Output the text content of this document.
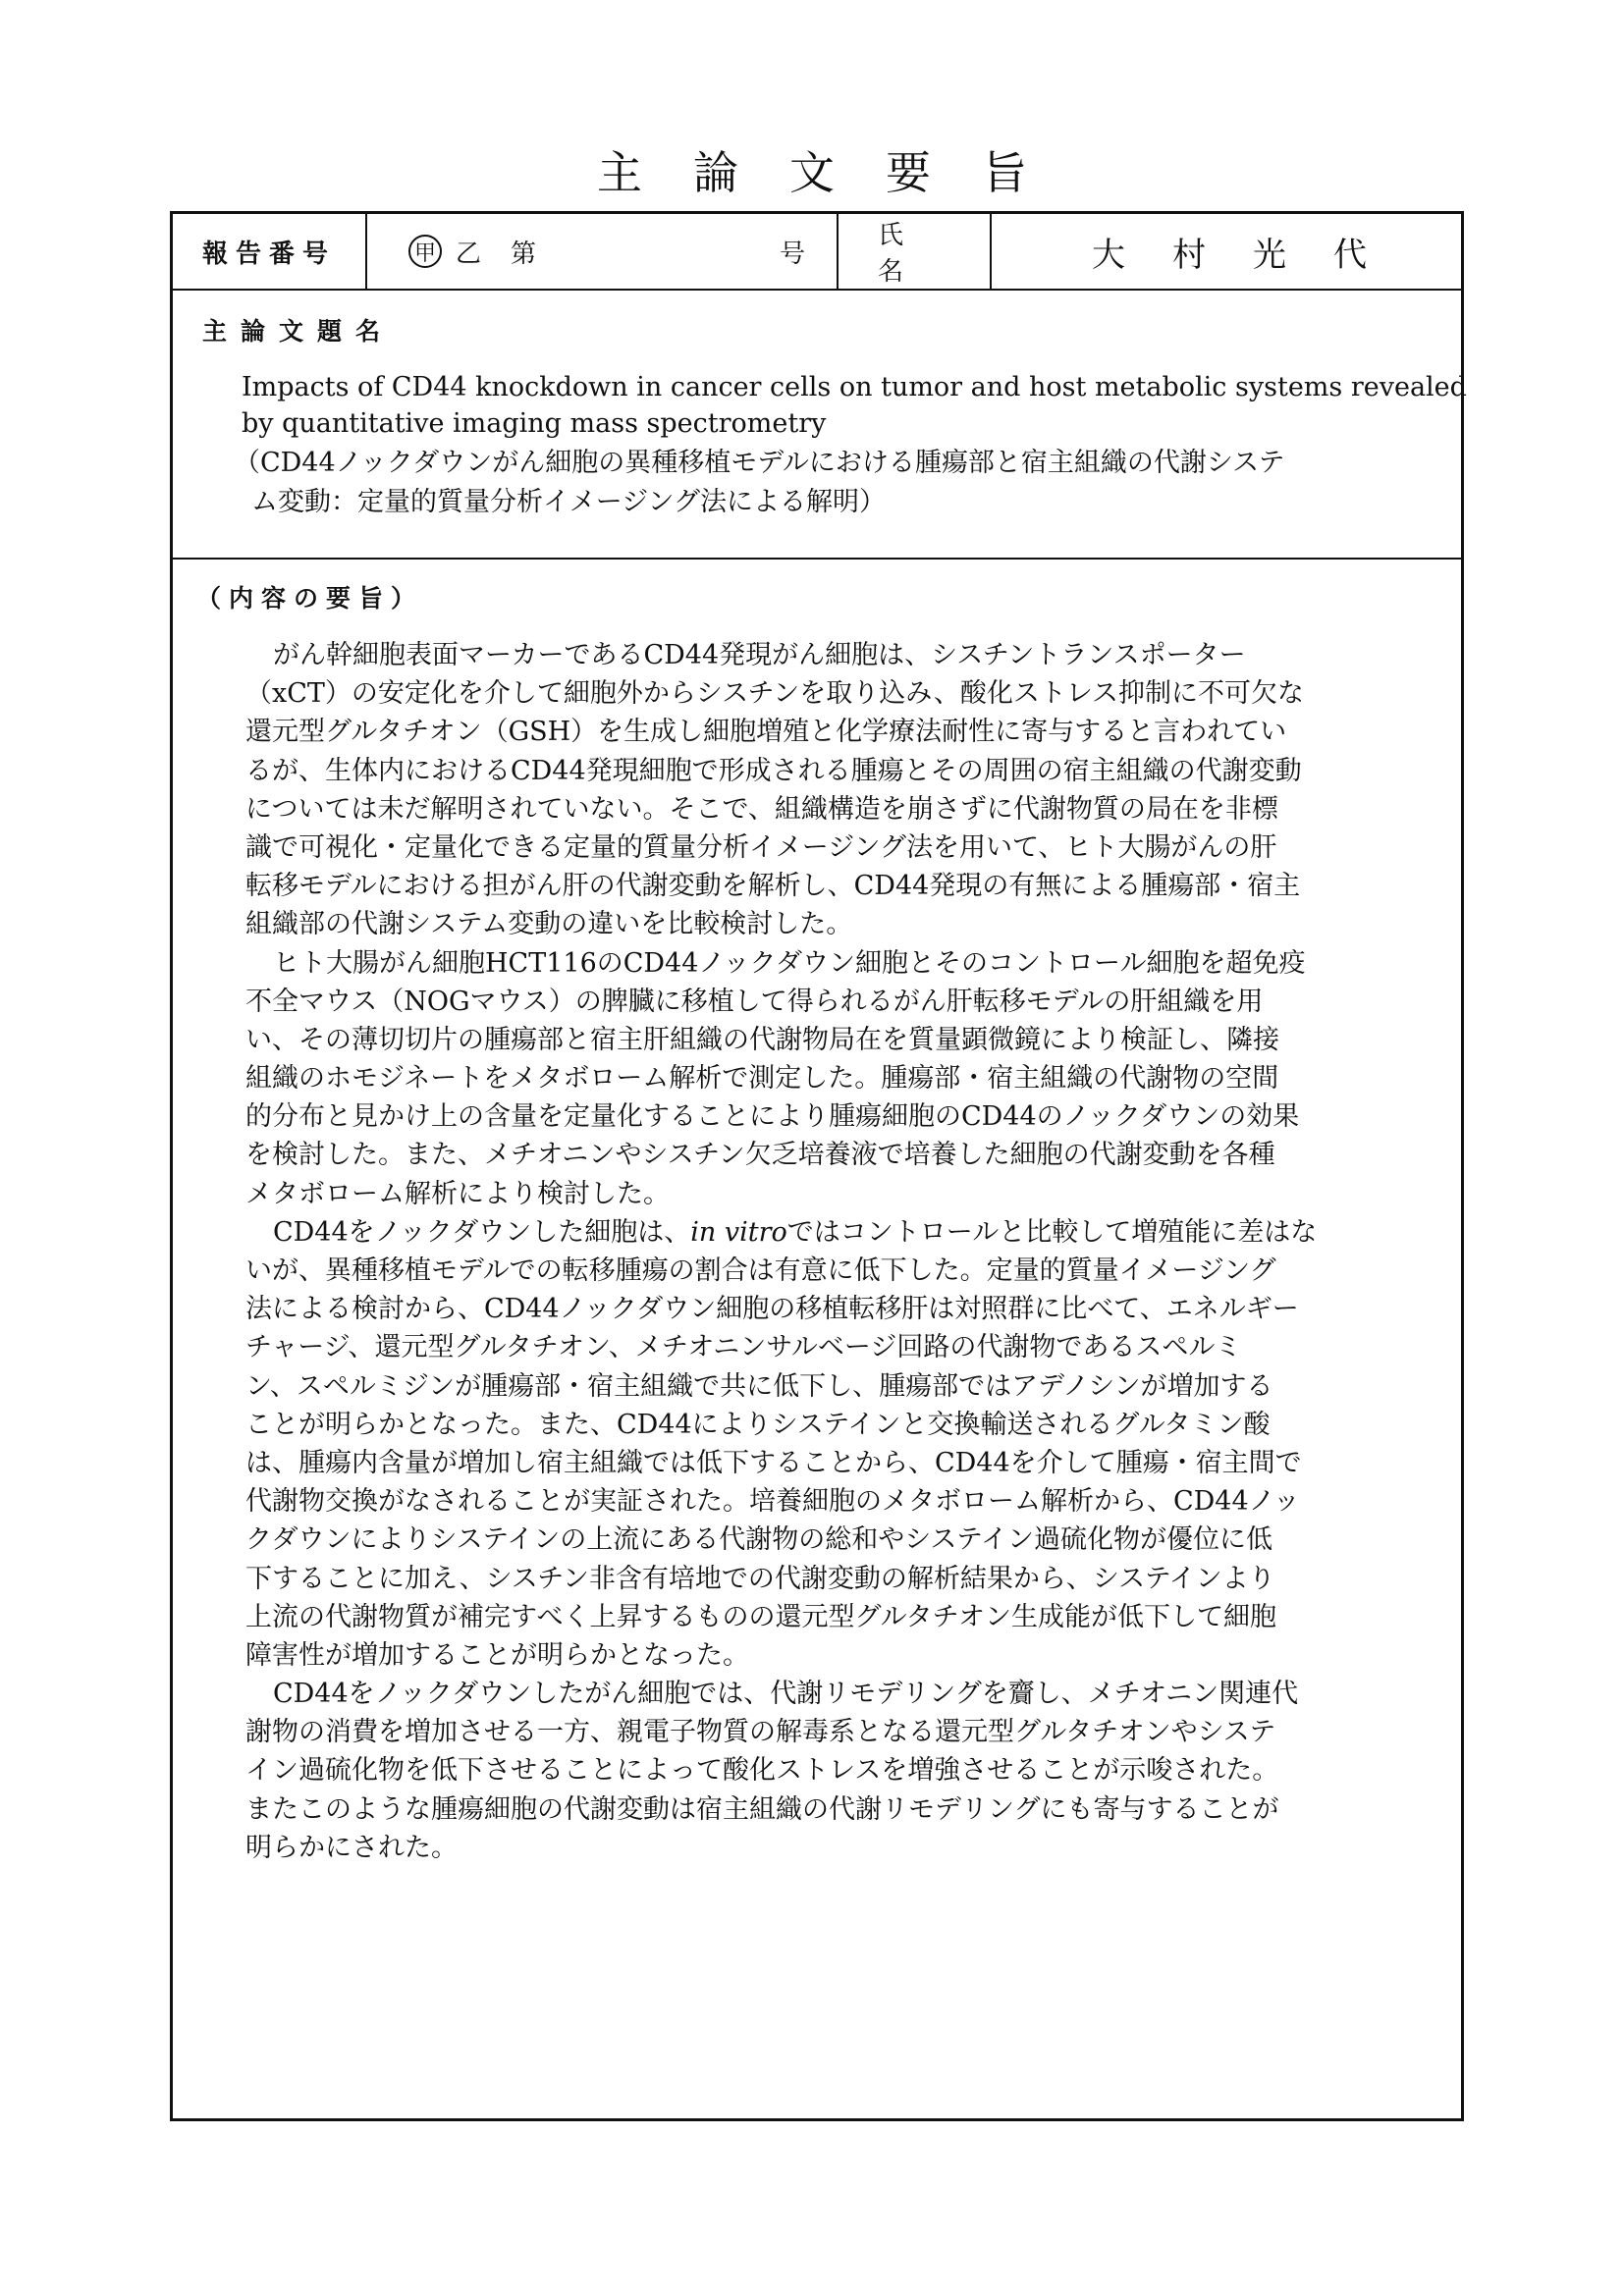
主論文要旨
報告番号	甲 乙 第	号
氏名	大村光代
主論文題名
Impacts of CD44 knockdown in cancer cells on tumor and host metabolic systems revealed
by quantitative imaging mass spectrometry
（CD44ノックダウンがん細胞の異種移植モデルにおける腫瘍部と宿主組織の代謝システ
ム変動：定量的質量分析イメージング法による解明）
（内容の要旨）
がん幹細胞表面マーカーであるCD44発現がん細胞は、シスチントランスポーター
（xCT）の安定化を介して細胞外からシスチンを取り込み、酸化ストレス抑制に不可欠な
還元型グルタチオン（GSH）を生成し細胞増殖と化学療法耐性に寄与すると言われてい
るが、生体内におけるCD44発現細胞で形成される腫瘍とその周囲の宿主組織の代謝変動
については未だ解明されていない。そこで、組織構造を崩さずに代謝物質の局在を非標
識で可視化・定量化できる定量的質量分析イメージング法を用いて、ヒト大腸がんの肝
転移モデルにおける担がん肝の代謝変動を解析し、CD44発現の有無による腫瘍部・宿主
組織部の代謝システム変動の違いを比較検討した。
ヒト大腸がん細胞HCT116のCD44ノックダウン細胞とそのコントロール細胞を超免疫
不全マウス（NOGマウス）の脾臓に移植して得られるがん肝転移モデルの肝組織を用
い、その薄切切片の腫瘍部と宿主肝組織の代謝物局在を質量顕微鏡により検証し、隣接
組織のホモジネートをメタボローム解析で測定した。腫瘍部・宿主組織の代謝物の空間
的分布と見かけ上の含量を定量化することにより腫瘍細胞のCD44のノックダウンの効果
を検討した。また、メチオニンやシスチン欠乏培養液で培養した細胞の代謝変動を各種
メタボローム解析により検討した。
CD44をノックダウンした細胞は、in vitroではコントロールと比較して増殖能に差はな
いが、異種移植モデルでの転移腫瘍の割合は有意に低下した。定量的質量イメージング
法による検討から、CD44ノックダウン細胞の移植転移肝は対照群に比べて、エネルギー
チャージ、還元型グルタチオン、メチオニンサルベージ回路の代謝物であるスペルミ
ン、スペルミジンが腫瘍部・宿主組織で共に低下し、腫瘍部ではアデノシンが増加する
ことが明らかとなった。また、CD44によりシステインと交換輸送されるグルタミン酸
は、腫瘍内含量が増加し宿主組織では低下することから、CD44を介して腫瘍・宿主間で
代謝物交換がなされることが実証された。培養細胞のメタボローム解析から、CD44ノッ
クダウンによりシステインの上流にある代謝物の総和やシステイン過硫化物が優位に低
下することに加え、シスチン非含有培地での代謝変動の解析結果から、システインより
上流の代謝物質が補完すべく上昇するものの還元型グルタチオン生成能が低下して細胞
障害性が増加することが明らかとなった。
CD44をノックダウンしたがん細胞では、代謝リモデリングを齎し、メチオニン関連代
謝物の消費を増加させる一方、親電子物質の解毒系となる還元型グルタチオンやシステ
イン過硫化物を低下させることによって酸化ストレスを増強させることが示唆された。
またこのような腫瘍細胞の代謝変動は宿主組織の代謝リモデリングにも寄与することが
明らかにされた。
